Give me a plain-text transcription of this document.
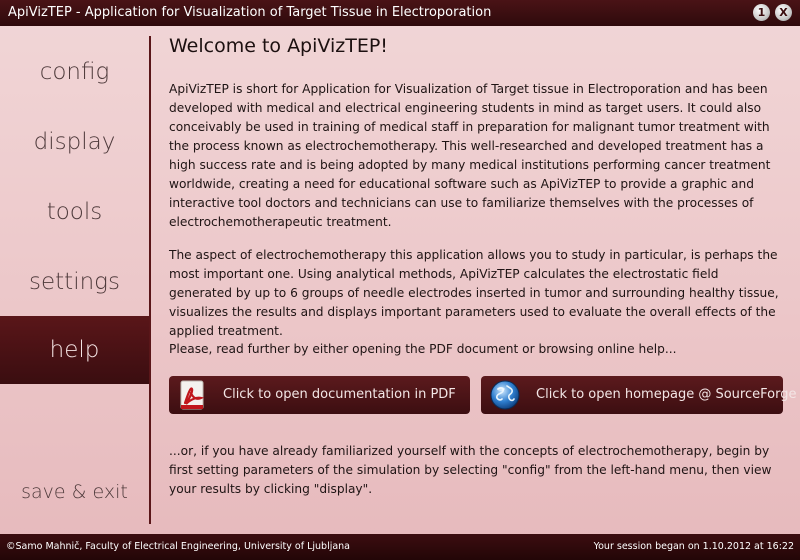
ApiVizTEP - Application for Visualization of Target Tissue in Electroporation	1	X
config
display
tools
settings
help
save & exit
Welcome to ApiVizTEP!

ApiVizTEP is short for Application for Visualization of Target tissue in Electroporation and has been developed with medical and electrical engineering students in mind as target users. It could also conceivably be used in training of medical staff in preparation for malignant tumor treatment with the process known as electrochemotherapy. This well-researched and developed treatment has a high success rate and is being adopted by many medical institutions performing cancer treatment worldwide, creating a need for educational software such as ApiVizTEP to provide a graphic and interactive tool doctors and technicians can use to familiarize themselves with the processes of electrochemotherapeutic treatment.

The aspect of electrochemotherapy this application allows you to study in particular, is perhaps the most important one. Using analytical methods, ApiVizTEP calculates the electrostatic field generated by up to 6 groups of needle electrodes inserted in tumor and surrounding healthy tissue, visualizes the results and displays important parameters used to evaluate the overall effects of the applied treatment.

Please, read further by either opening the PDF document or browsing online help...

...or, if you have already familiarized yourself with the concepts of electrochemotherapy, begin by first setting parameters of the simulation by selecting "config" from the left-hand menu, then view your results by clicking "display".

Click to open documentation in PDF	Click to open homepage @ SourceForge
©Samo Mahnič, Faculty of Electrical Engineering, University of Ljubljana	Your session began on 1.10.2012 at 16:22
